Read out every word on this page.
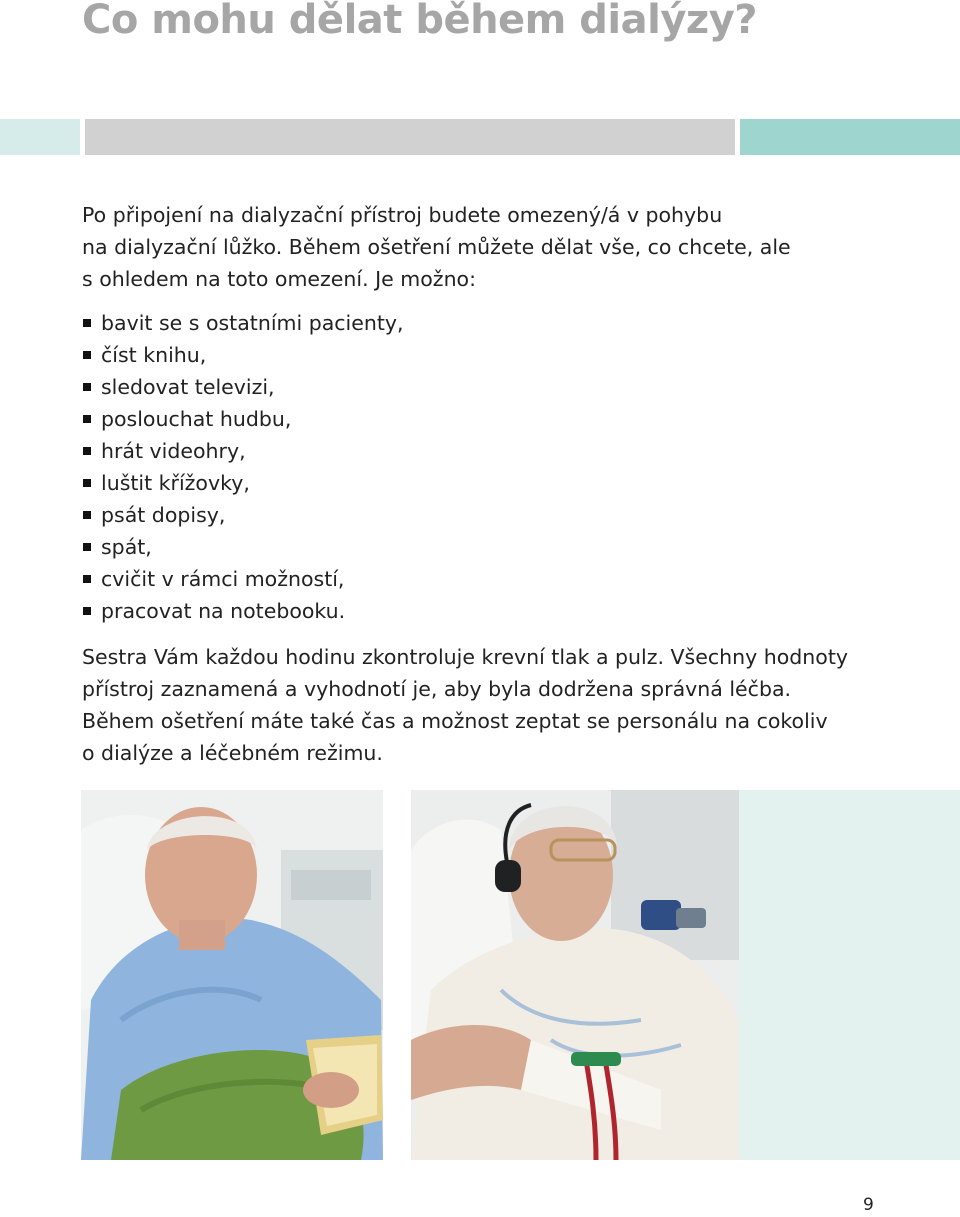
Co mohu dělat během dialýzy?

Po připojení na dialyzační přístroj budete omezený/á v pohybu

na dialyzační lůžko. Během ošetření můžete dělat vše, co chcete, ale

s ohledem na toto omezení. Je možno:

bavit se s ostatními pacienty,
číst knihu,
sledovat televizi,
poslouchat hudbu,
hrát videohry,
luštit křížovky,
psát dopisy,
spát,
cvičit v rámci možností,
pracovat na notebooku.

Sestra Vám každou hodinu zkontroluje krevní tlak a pulz. Všechny hodnoty

přístroj zaznamená a vyhodnotí je, aby byla dodržena správná léčba.

Během ošetření máte také čas a možnost zeptat se personálu na cokoliv

o dialýze a léčebném režimu.

9
